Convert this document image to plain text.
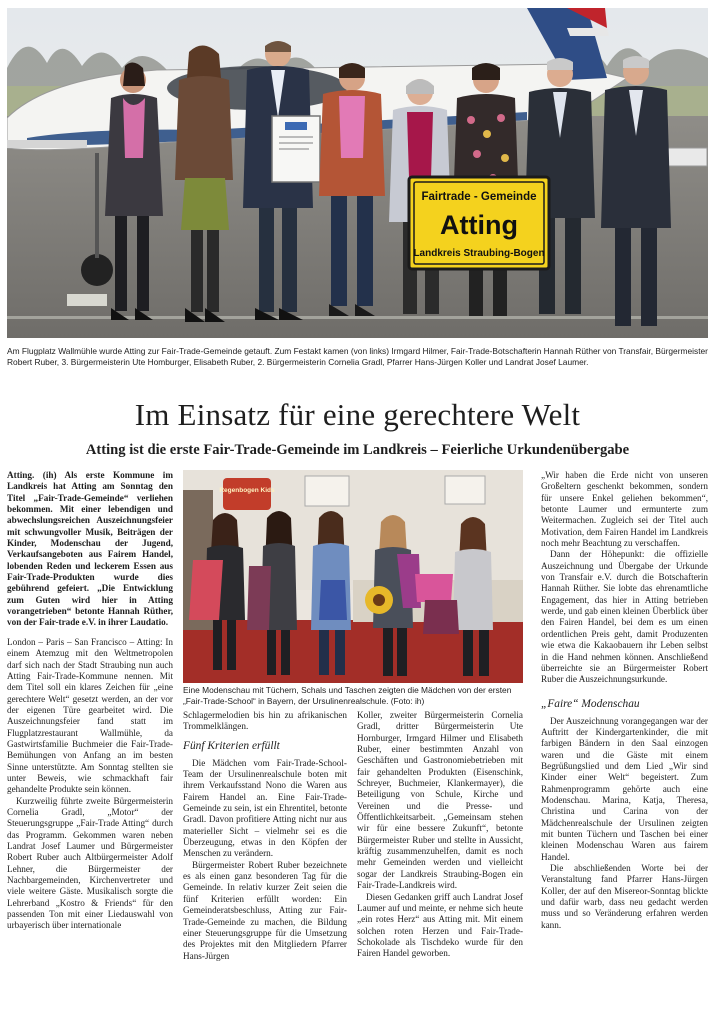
Fairtrade - Gemeinde
Atting
Landkreis Straubing-Bogen

Am Flugplatz Wallmühle wurde Atting zur Fair-Trade-Gemeinde getauft. Zum Festakt kamen (von links) Irmgard Hilmer, Fair-Trade-Botschafterin Hannah Rüther von Transfair, Bürgermeister Robert Ruber, 3. Bürgermeisterin Ute Homburger, Elisabeth Ruber, 2. Bürgermeisterin Cornelia Gradl, Pfarrer Hans-Jürgen Koller und Landrat Josef Laumer.

Im Einsatz für eine gerechtere Welt
Atting ist die erste Fair-Trade-Gemeinde im Landkreis – Feierliche Urkundenübergabe

Atting. (ih) Als erste Kommune im Landkreis hat Atting am Sonntag den Titel „Fair-Trade-Gemeinde“ verliehen bekommen. Mit einer lebendigen und abwechslungsreichen Auszeichnungsfeier mit schwungvoller Musik, Beiträgen der Kinder, Modenschau der Jugend, Verkaufsangeboten aus Fairem Handel, lobenden Reden und leckerem Essen aus Fair-Trade-Produkten wurde dies gebührend gefeiert. „Die Entwicklung zum Guten wird hier in Atting vorangetrieben“ betonte Hannah Rüther, von der Fair-trade e.V. in ihrer Laudatio.

London – Paris – San Francisco – Atting: In einem Atemzug mit den Weltmetropolen darf sich nach der Stadt Straubing nun auch Atting Fair-Trade-Kommune nennen. Mit dem Titel soll ein klares Zeichen für „eine gerechtere Welt“ gesetzt werden, an der vor der eigenen Türe gearbeitet wird. Die Auszeichnungsfeier fand statt im Flugplatzrestaurant Wallmühle, da Gastwirtsfamilie Buchmeier die Fair-Trade-Bemühungen von Anfang an im besten Sinne unterstützte. Am Sonntag stellten sie unter Beweis, wie schmackhaft fair gehandelte Produkte sein können.

Kurzweilig führte zweite Bürgermeisterin Cornelia Gradl, „Motor“ der Steuerungsgruppe „Fair-Trade Atting“ durch das Programm. Gekommen waren neben Landrat Josef Laumer und Bürgermeister Robert Ruber auch Altbürgermeister Adolf Lehner, die Bürgermeister der Nachbargemeinden, Kirchenvertreter und viele weitere Gäste. Musikalisch sorgte die Lehrerband „Kostro & Friends“ für den passenden Ton mit einer Liedauswahl von urbayerisch über internationale

Regenbogen Kids

Eine Modenschau mit Tüchern, Schals und Taschen zeigten die Mädchen von der ersten „Fair-Trade-School“ in Bayern, der Ursulinenrealschule. (Foto: ih)

Schlagermelodien bis hin zu afrikanischen Trommelklängen.

Fünf Kriterien erfüllt

Die Mädchen vom Fair-Trade-School-Team der Ursulinenrealschule boten mit ihrem Verkaufsstand Nono die Waren aus Fairem Handel an. Eine Fair-Trade-Gemeinde zu sein, ist ein Ehrentitel, betonte Gradl. Davon profitiere Atting nicht nur aus materieller Sicht – vielmehr sei es die Überzeugung, etwas in den Köpfen der Menschen zu verändern.

Bürgermeister Robert Ruber bezeichnete es als einen ganz besonderen Tag für die Gemeinde. In relativ kurzer Zeit seien die fünf Kriterien erfüllt worden: Ein Gemeinderatsbeschluss, Atting zur Fair-Trade-Gemeinde zu machen, die Bildung einer Steuerungsgruppe für die Umsetzung des Projektes mit den Mitgliedern Pfarrer Hans-Jürgen

Koller, zweiter Bürgermeisterin Cornelia Gradl, dritter Bürgermeisterin Ute Hornburger, Irmgard Hilmer und Elisabeth Ruber, einer bestimmten Anzahl von Geschäften und Gastronomiebetrieben mit fair gehandelten Produkten (Eisenschink, Schreyer, Buchmeier, Klankermayer), die Beteiligung von Schule, Kirche und Vereinen und die Presse- und Öffentlichkeitsarbeit. „Gemeinsam stehen wir für eine bessere Zukunft“, betonte Bürgermeister Ruber und stellte in Aussicht, kräftig zusammenzuhelfen, damit es noch mehr Gemeinden werden und vielleicht sogar der Landkreis Straubing-Bogen ein Fair-Trade-Landkreis wird.

Diesen Gedanken griff auch Landrat Josef Laumer auf und meinte, er nehme sich heute „ein rotes Herz“ aus Atting mit. Mit einem solchen roten Herzen und Fair-Trade-Schokolade als Tischdeko wurde für den Fairen Handel geworben.

„Wir haben die Erde nicht von unseren Großeltern geschenkt bekommen, sondern für unsere Enkel geliehen bekommen“, betonte Laumer und ermunterte zum Weitermachen. Zugleich sei der Titel auch Motivation, dem Fairen Handel im Landkreis noch mehr Beachtung zu verschaffen.

Dann der Höhepunkt: die offizielle Auszeichnung und Übergabe der Urkunde von Transfair e.V. durch die Botschafterin Hannah Rüther. Sie lobte das ehrenamtliche Engagement, das hier in Atting betrieben werde, und gab einen kleinen Überblick über den Fairen Handel, bei dem es um einen ordentlichen Preis geht, damit Produzenten wie etwa die Kakaobauern ihr Leben selbst in die Hand nehmen können. Anschließend überreichte sie an Bürgermeister Robert Ruber die Auszeichnungsurkunde.

„Faire“ Modenschau

Der Auszeichnung vorangegangen war der Auftritt der Kindergartenkinder, die mit farbigen Bändern in den Saal einzogen waren und die Gäste mit einem Begrüßungslied und dem Lied „Wir sind Kinder einer Welt“ begeistert. Zum Rahmenprogramm gehörte auch eine Modenschau. Marina, Katja, Theresa, Christina und Carina von der Mädchenrealschule der Ursulinen zeigten mit bunten Tüchern und Taschen bei einer kleinen Modenschau Waren aus fairem Handel.

Die abschließenden Worte bei der Veranstaltung fand Pfarrer Hans-Jürgen Koller, der auf den Misereor-Sonntag blickte und dafür warb, dass neu gedacht werden muss und so Veränderung erfahren werden kann.
